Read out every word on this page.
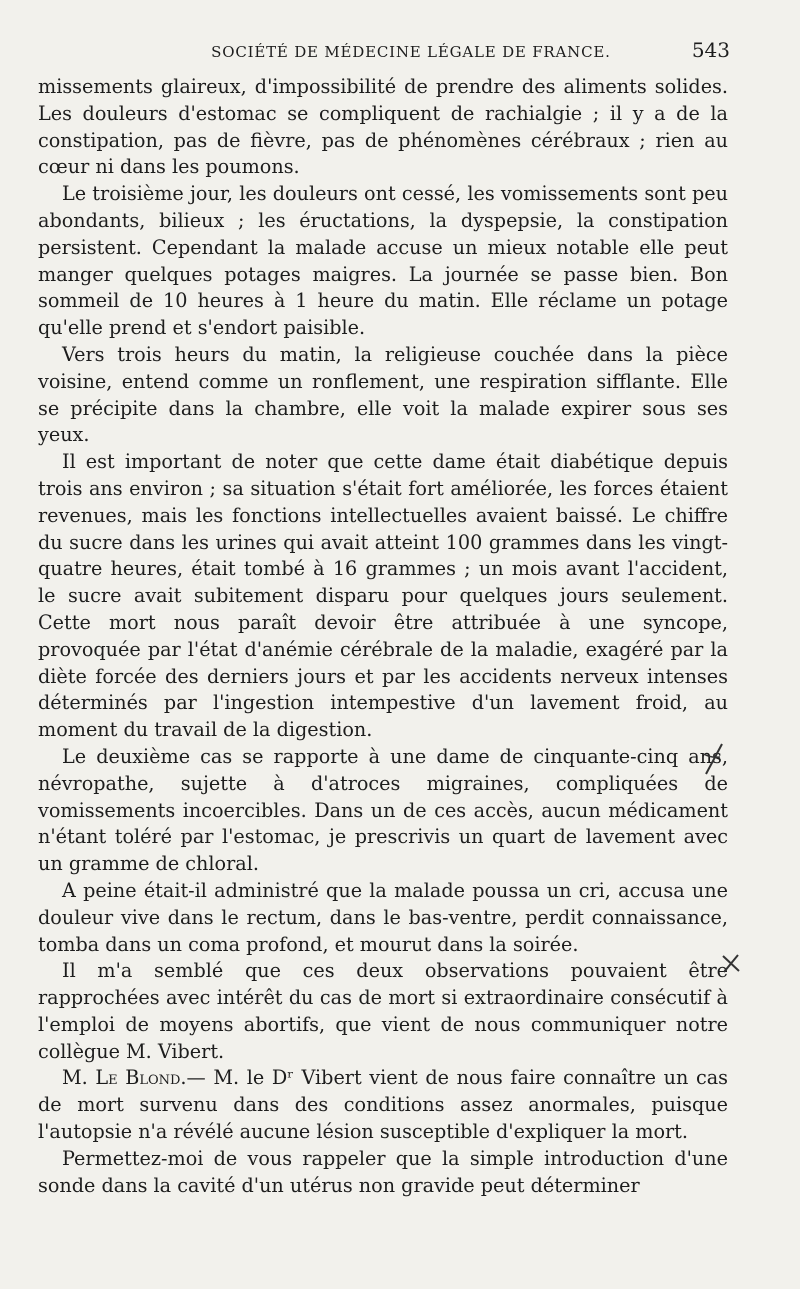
SOCIÉTÉ DE MÉDECINE LÉGALE DE FRANCE.	543

missements glaireux, d'impossibilité de prendre des aliments solides. Les douleurs d'estomac se compliquent de rachialgie ; il y a de la constipation, pas de fièvre, pas de phénomènes cérébraux ; rien au cœur ni dans les poumons.

Le troisième jour, les douleurs ont cessé, les vomissements sont peu abondants, bilieux ; les éructations, la dyspepsie, la constipation persistent. Cependant la malade accuse un mieux notable elle peut manger quelques potages maigres. La journée se passe bien. Bon sommeil de 10 heures à 1 heure du matin. Elle réclame un potage qu'elle prend et s'endort paisible.

Vers trois heurs du matin, la religieuse couchée dans la pièce voisine, entend comme un ronflement, une respiration sifflante. Elle se précipite dans la chambre, elle voit la malade expirer sous ses yeux.

Il est important de noter que cette dame était diabétique depuis trois ans environ ; sa situation s'était fort améliorée, les forces étaient revenues, mais les fonctions intellectuelles avaient baissé. Le chiffre du sucre dans les urines qui avait atteint 100 grammes dans les vingt-quatre heures, était tombé à 16 grammes ; un mois avant l'accident, le sucre avait subitement disparu pour quelques jours seulement. Cette mort nous paraît devoir être attribuée à une syncope, provoquée par l'état d'anémie cérébrale de la maladie, exagéré par la diète forcée des derniers jours et par les accidents nerveux intenses déterminés par l'ingestion intempestive d'un lavement froid, au moment du travail de la digestion.

Le deuxième cas se rapporte à une dame de cinquante-cinq ans, névropathe, sujette à d'atroces migraines, compliquées de vomissements incoercibles. Dans un de ces accès, aucun médicament n'étant toléré par l'estomac, je prescrivis un quart de lavement avec un gramme de chloral.

A peine était-il administré que la malade poussa un cri, accusa une douleur vive dans le rectum, dans le bas-ventre, perdit connaissance, tomba dans un coma profond, et mourut dans la soirée.

Il m'a semblé que ces deux observations pouvaient être rapprochées avec intérêt du cas de mort si extraordinaire consécutif à l'emploi de moyens abortifs, que vient de nous communiquer notre collègue M. Vibert.

M. Le Blond.— M. le Dʳ Vibert vient de nous faire connaître un cas de mort survenu dans des conditions assez anormales, puisque l'autopsie n'a révélé aucune lésion susceptible d'expliquer la mort.

Permettez-moi de vous rappeler que la simple introduction d'une sonde dans la cavité d'un utérus non gravide peut déterminer
